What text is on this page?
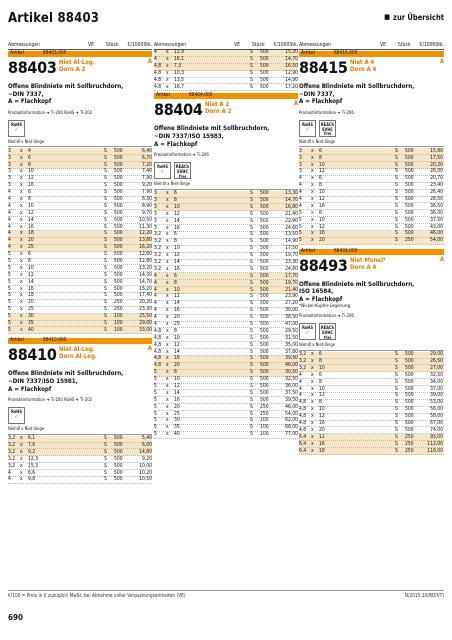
Artikel 88403	■ zur Übersicht
Abmessungen	VE	Stück	€/1000Stk.
Artikel	88403.000
88403 Niet Al-Leg.
Dorn A 2
A
Offene Blindniete mit Sollbruchdorn,
~DIN 7337,
A = Flachkopf
Produktinformation ➜ Ti-200 RoHS ➜ Ti-202
RoHS
✓
Niet-Ø x Niet-länge
3	x	4	S	500	6,40
3	x	6	S	500	6,70
3	x	8	S	500	7,20
3	x	10	S	500	7,40
3	x	12	S	500	7,90
3	x	16	S	500	9,20
4	x	6	S	500	7,90
4	x	8	S	500	8,30
4	x	10	S	500	8,90
4	x	12	S	500	9,70
4	x	14	S	500	10,50
4	x	16	S	500	11,30
4	x	18	S	500	12,20
4	x	20	S	500	13,80
4	x	25	S	500	16,20
5	x	6	S	500	12,60
5	x	8	S	500	12,80
5	x	10	S	500	13,20
5	x	12	S	500	14,30
5	x	14	S	500	14,70
5	x	16	S	500	15,20
5	x	18	S	500	17,40
5	x	20	S	250	20,20
5	x	25	S	250	23,30
5	x	30	S	100	25,50
5	x	35	S	100	29,00
5	x	40	S	100	33,00
Artikel	88410.000
88410 Niet Al-Leg.
Dorn Al-Leg.
A
Offene Blindniete mit Sollbruchdorn,
~DIN 7337/ISO 15981,
A = Flachkopf
Produktinformation ➜ Ti-200 RoHS ➜ Ti-202
RoHS
✓
Niet-Ø x Niet-länge
3,2 x	6,1	S	500	5,40
3,2 x	7,6	S	500	6,00
3,2 x	9,2	S	500	14,80
3,2 x	12,3	S	500	9,20
3,2 x	15,3	S	500	10,00
4	x	6,6	S	500	10,20
4	x	9,8	S	500	10,50
Abmessungen	VE	Stück	€/1000Stk.
4	x	12,9	S	500	15,20
4	x	16,1	S	500	14,70
4,8 x	7,3	S	500	16,50
4,8 x	10,3	S	500	12,90
4,8 x	13,5	S	500	14,90
4,8 x	16,7	S	500	17,20
Artikel	88404.000
88404 Niet A 2
Dorn A 2
A
Offene Blindniete mit Sollbruchdorn,
~DIN 7337/ISO 15983,
A = Flachkopf
Produktinformation ➜ Ti-206
RoHS
✓
REACh SVHC frei
Niet-Ø x Niet-länge
3	x	6	S	500	13,30
3	x	8	S	500	14,70
3	x	10	S	500	16,80
3	x	12	S	500	21,40
3	x	14	S	500	22,90
3	x	16	S	500	24,60
3,2 x	6	S	500	13,50
3,2 x	8	S	500	14,90
3,2 x	10	S	500	17,50
3,2 x	12	S	500	19,70
3,2 x	14	S	500	23,30
3,2 x	16	S	500	24,80
4	x	6	S	500	17,70
4	x	8	S	500	19,70
4	x	10	S	500	21,40
4	x	12	S	500	23,90
4	x	14	S	500	27,20
4	x	16	S	500	30,00
4	x	20	S	500	38,50
4	x	25	S	500	47,00
4,8 x	8	S	500	29,50
4,8 x	10	S	500	31,50
4,8 x	12	S	500	35,00
4,8 x	14	S	500	37,80
4,8 x	16	S	500	39,50
4,8 x	20	S	500	46,00
5	x	8	S	500	30,50
5	x	10	S	500	32,50
5	x	12	S	500	36,00
5	x	14	S	500	37,50
5	x	16	S	500	39,50
5	x	20	S	250	46,00
5	x	25	S	250	54,00
5	x	30	S	100	62,00
5	x	35	S	100	68,00
5	x	40	S	100	77,00
Abmessungen	VE	Stück	€/1000Stk.
Artikel	88415.000
88415 Niet A 4
Dorn A 4
A
Offene Blindniete mit Sollbruchdorn,
~DIN 7337,
A = Flachkopf
Produktinformation ➜ Ti-206
RoHS
✓
REACh SVHC frei
Niet-Ø x Niet-länge
3	x	6	S	500	15,80
3	x	8	S	500	17,50
3	x	10	S	500	20,20
3	x	12	S	500	26,00
4	x	6	S	500	20,70
4	x	8	S	500	23,40
4	x	10	S	500	26,40
4	x	12	S	500	28,50
4	x	16	S	500	36,50
5	x	8	S	500	36,00
5	x	10	S	500	37,50
5	x	12	S	500	43,00
5	x	16	S	500	46,00
5	x	20	S	250	54,00
Artikel	88493.000
88493 Niet Monel*
Dorn A 4
A
Offene Blindniete mit Sollbruchdorn,
ISO 16584,
A = Flachkopf
*Nickel-Kupfer-Legierung
Produktinformation ➜ Ti-206
RoHS
✓
REACh SVHC frei
Niet-Ø x Niet-länge
3,2 x	6	S	500	29,00
3,2 x	8	S	500	26,50
3,2 x	10	S	500	27,00
4	x	6	S	500	32,50
4	x	8	S	500	34,00
4	x	10	S	500	37,00
4	x	12	S	500	39,00
4,8 x	8	S	500	53,00
4,8 x	10	S	500	56,00
4,8 x	12	S	500	58,00
4,8 x	16	S	500	67,00
4,8 x	20	S	500	74,00
6,4 x	12	S	250	93,00
6,4 x	16	S	250	112,00
6,4 x	18	S	250	118,00
€/100 = Preis in € zuzüglich MwSt. bei Abnahme voller Verpackungseinheiten (VE)	N/2015.10(BD/VT)
690
